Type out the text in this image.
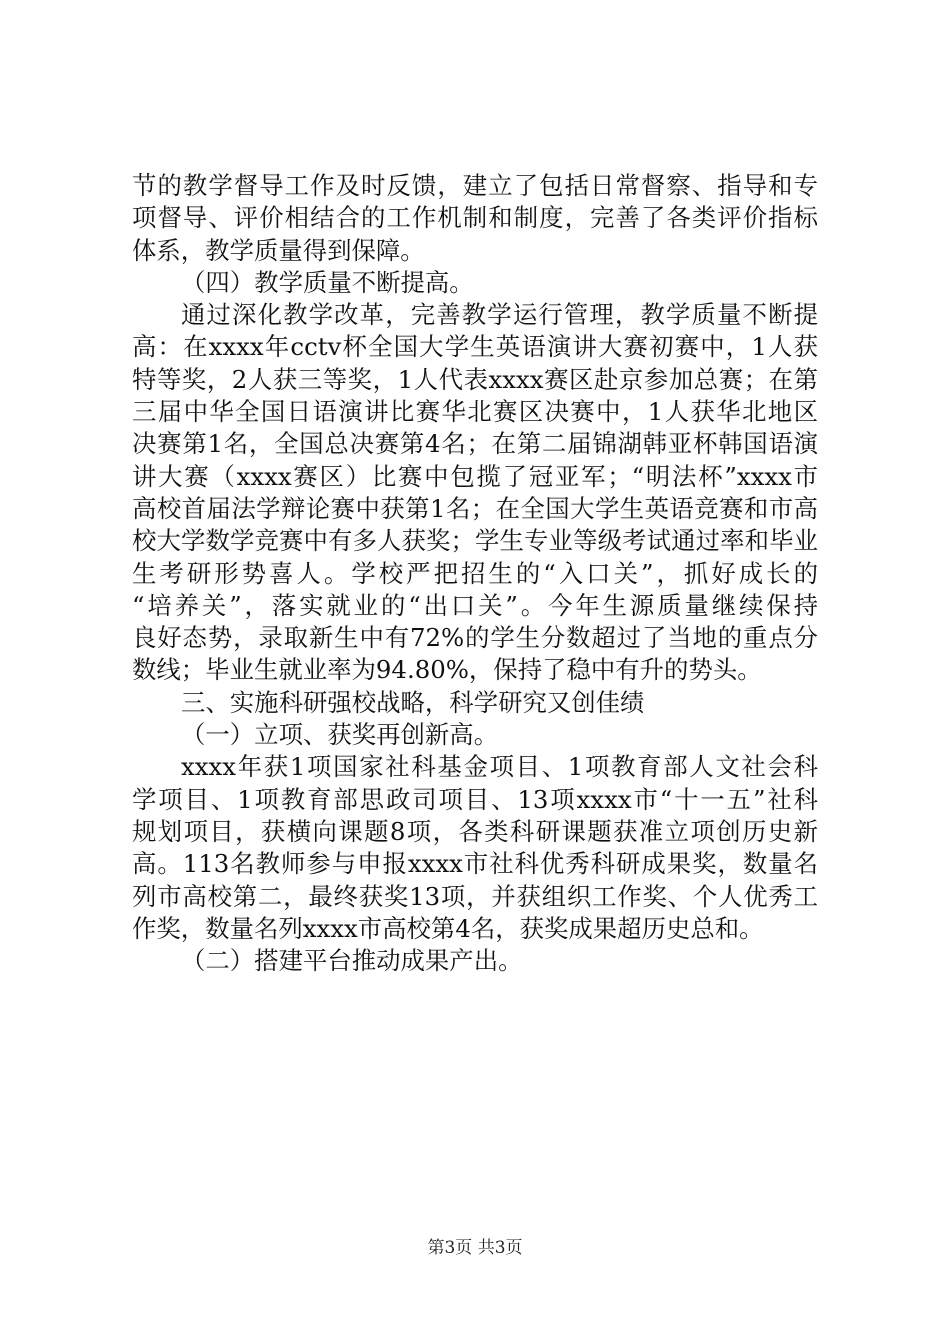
节的教学督导工作及时反馈，建立了包括日常督察、指导和专
项督导、评价相结合的工作机制和制度，完善了各类评价指标
体系，教学质量得到保障。
（四）教学质量不断提高。
通过深化教学改革，完善教学运行管理，教学质量不断提
高：在xxxx年cctv杯全国大学生英语演讲大赛初赛中，1人获
特等奖，2人获三等奖，1人代表xxxx赛区赴京参加总赛；在第
三届中华全国日语演讲比赛华北赛区决赛中，1人获华北地区
决赛第1名，全国总决赛第4名；在第二届锦湖韩亚杯韩国语演
讲大赛（xxxx赛区）比赛中包揽了冠亚军；“明法杯”xxxx市
高校首届法学辩论赛中获第1名；在全国大学生英语竞赛和市高
校大学数学竞赛中有多人获奖；学生专业等级考试通过率和毕业
生考研形势喜人。学校严把招生的“入口关”，抓好成长的
“培养关”，落实就业的“出口关”。今年生源质量继续保持
良好态势，录取新生中有72%的学生分数超过了当地的重点分
数线；毕业生就业率为94.80%，保持了稳中有升的势头。
三、实施科研强校战略，科学研究又创佳绩
（一）立项、获奖再创新高。
xxxx年获1项国家社科基金项目、1项教育部人文社会科
学项目、1项教育部思政司项目、13项xxxx市“十一五”社科
规划项目，获横向课题8项，各类科研课题获准立项创历史新
高。113名教师参与申报xxxx市社科优秀科研成果奖，数量名
列市高校第二，最终获奖13项，并获组织工作奖、个人优秀工
作奖，数量名列xxxx市高校第4名，获奖成果超历史总和。
（二）搭建平台推动成果产出。
第3页 共3页
